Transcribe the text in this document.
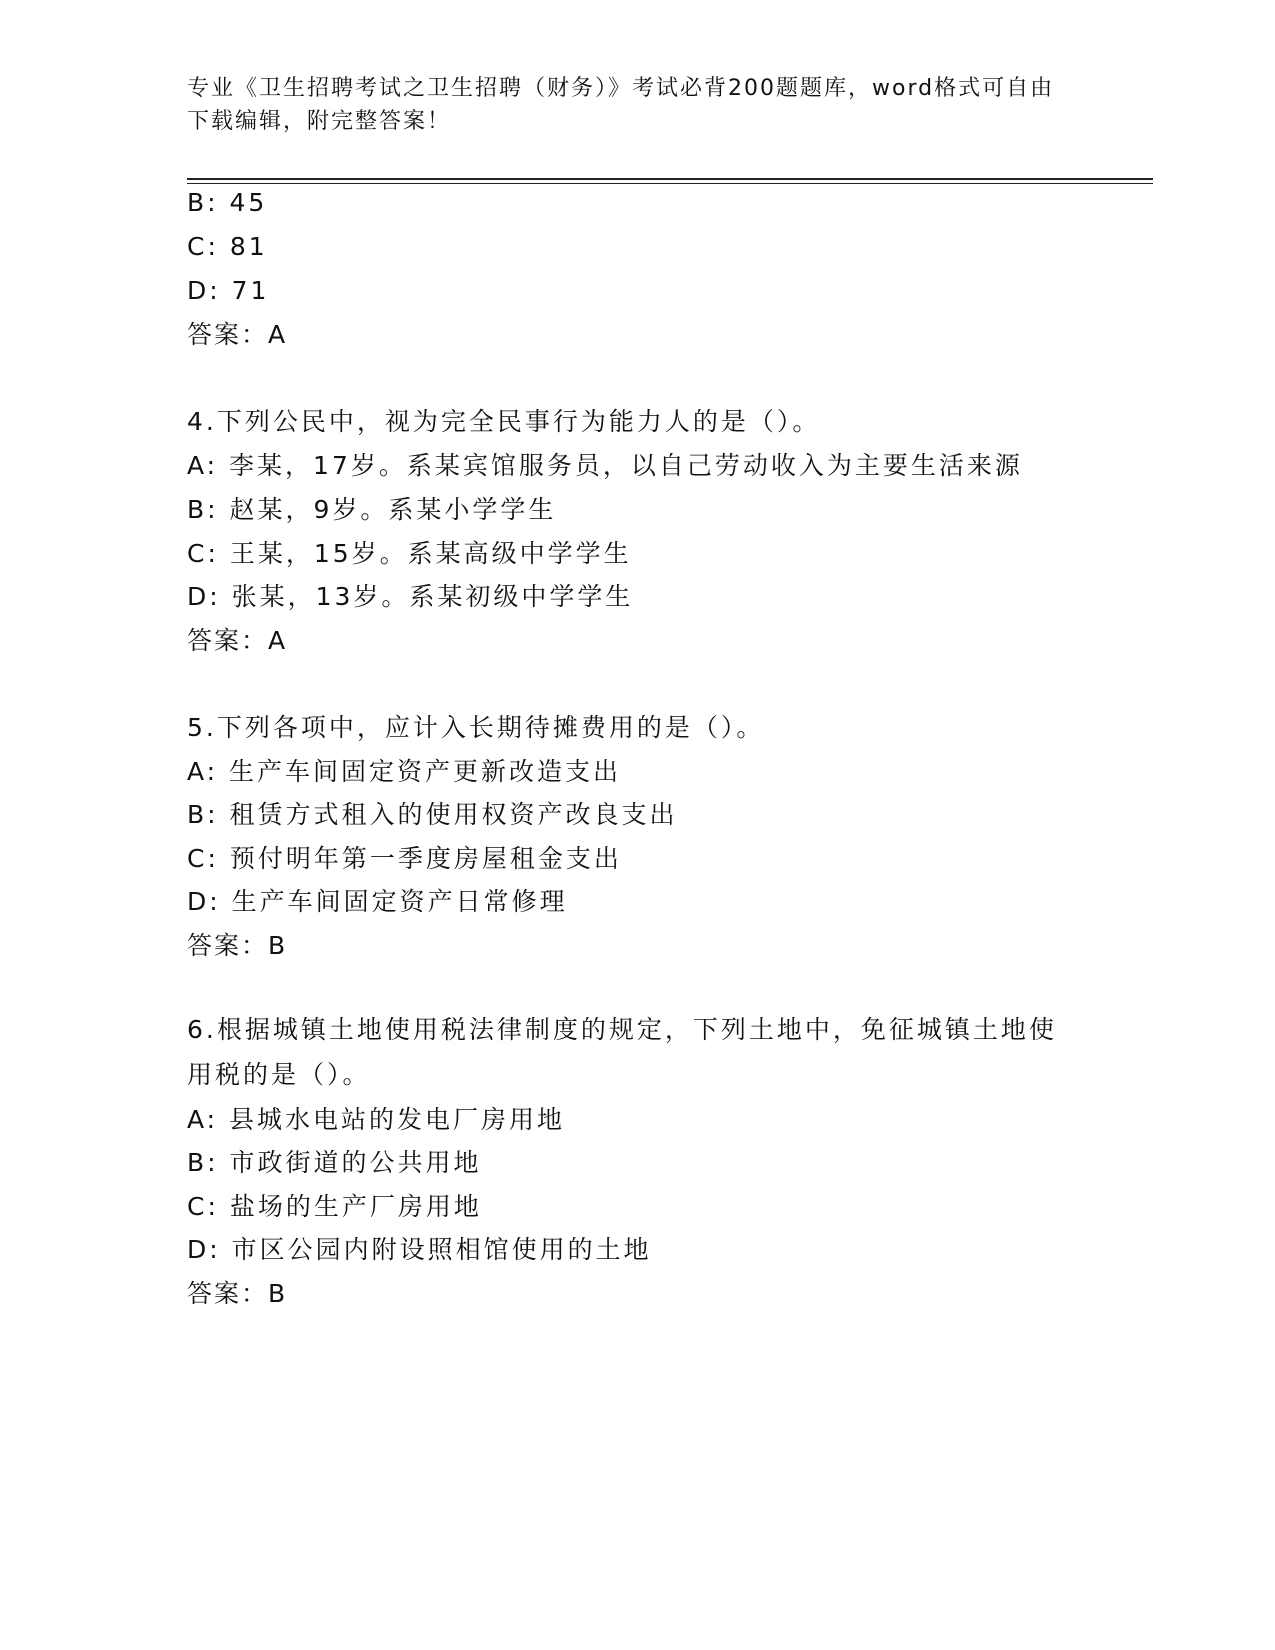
专业《卫生招聘考试之卫生招聘（财务）》考试必背200题题库，word格式可自由下载编辑，附完整答案！

B: 45

C: 81

D: 71

答案：A

4.下列公民中，视为完全民事行为能力人的是（）。

A: 李某，17岁。系某宾馆服务员，以自己劳动收入为主要生活来源

B: 赵某，9岁。系某小学学生

C: 王某，15岁。系某高级中学学生

D: 张某，13岁。系某初级中学学生

答案：A

5.下列各项中，应计入长期待摊费用的是（）。

A: 生产车间固定资产更新改造支出

B: 租赁方式租入的使用权资产改良支出

C: 预付明年第一季度房屋租金支出

D: 生产车间固定资产日常修理

答案：B

6.根据城镇土地使用税法律制度的规定，下列土地中，免征城镇土地使用税的是（）。

A: 县城水电站的发电厂房用地

B: 市政街道的公共用地

C: 盐场的生产厂房用地

D: 市区公园内附设照相馆使用的土地

答案：B
